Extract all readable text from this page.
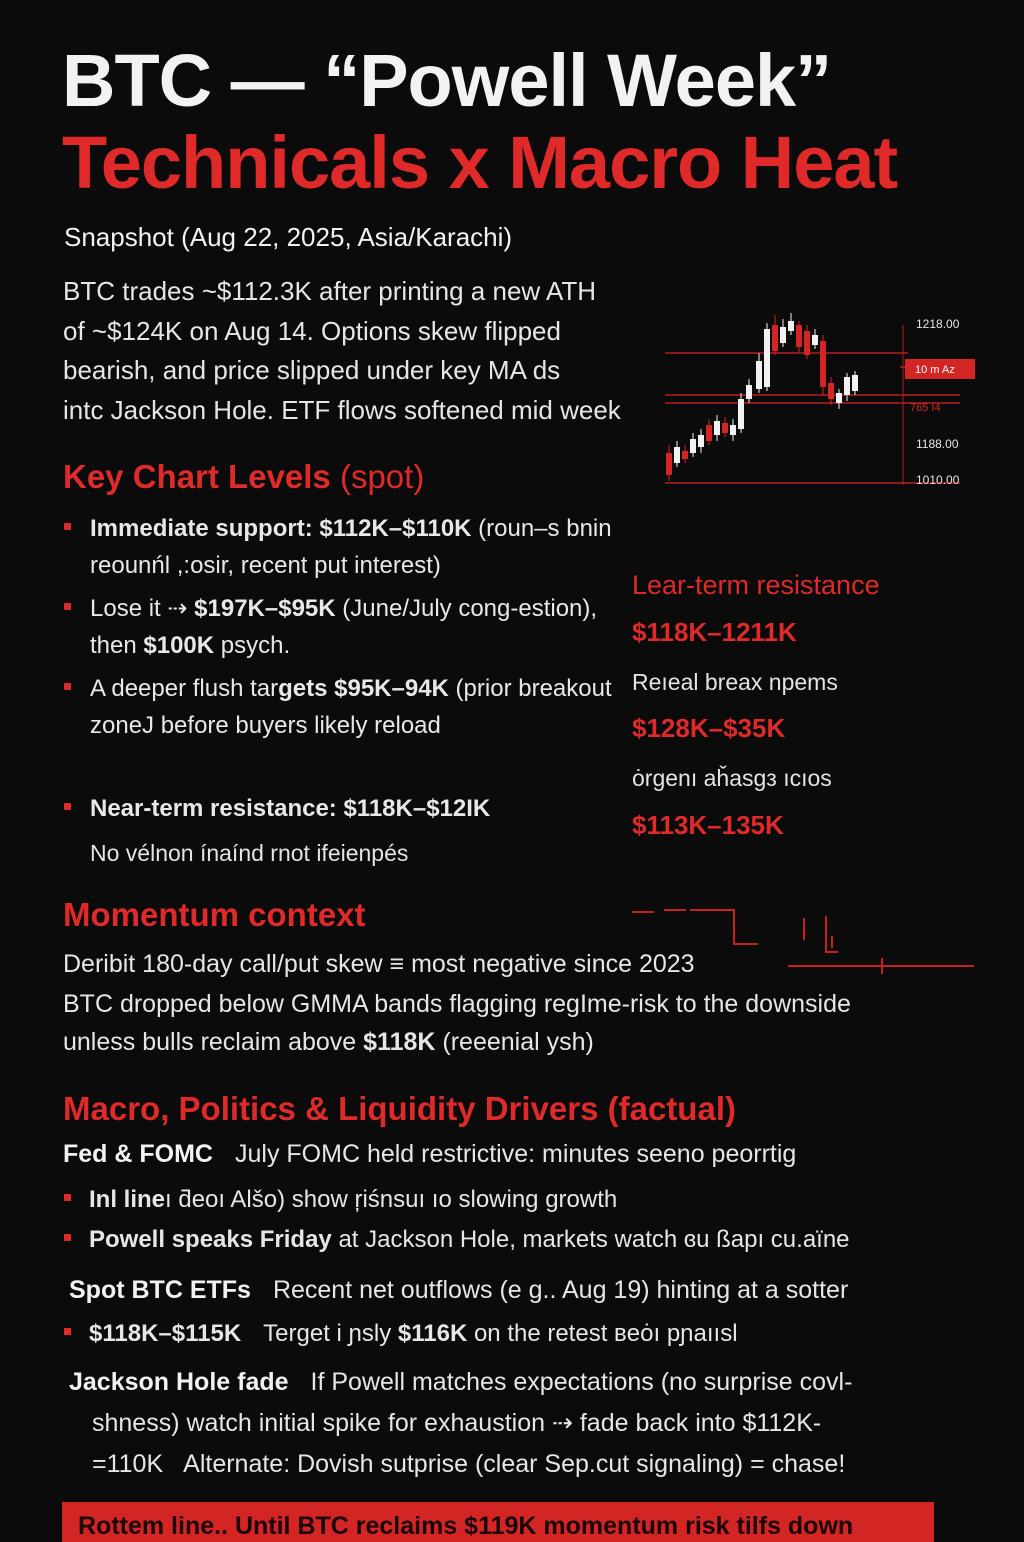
BTC — “Powell Week”
Technicals x Macro Heat
Snapshot (Aug 22, 2025, Asia/Karachi)
BTC trades ~$112.3K after printing a new ATH
of ~$124K on Aug 14. Options skew flipped
bearish, and price slipped under key MA ds
intc Jackson Hole. ETF flows softened mid week
1218.00
10 m Az
765 I4
1188.00
1010.00
Key Chart Levels (spot)
Immediate support: $112K–$110K (roun–s bnin reounńl ,:osir, recent put interest)
Lose it ⇢ $197K–$95K (June/July cong-estion), then $100K psych.
A deeper flush targets $95K–94K (prior breakout zoneJ before buyers likely reload
Near-term resistance: $118K–$12IK
No vélnon ínaínd rnot ifeienpés
Lear-term resistance
$118K–1211K
Reıeal breax npems
$128K–$35K
ȯrgenı aȟasgз ıcıos
$113K–135K
Momentum context
Deribit 180-day call/put skew ≡ most negative since 2023
BTC dropped below GMMA bands flagging regIme-risk to the downside
unless bulls reclaim above $118K (reeenial ysh)
Macro, Politics & Liquidity Drivers (factual)
Fed & FOMC July FOMC held restrictive: minutes seeno peorrtig
Inl lineı ƌeoı Alšo) show ŗiśnsuı ıo slowing growth
Powell speaks Friday at Jackson Hole, markets watch ɞu ßapı cu.aïne
Spot BTC ETFs Recent net outflows (e g.. Aug 19) hinting at a sotter
$118K–$115K Terget i ɲsly $116K on the retest ʙeȯı pɲaıısl
Jackson Hole fade If Powell matches expectations (no surprise covl-
shness) watch initial spike for exhaustion ⇢ fade back into $112K-
=110K Alternate: Dovish sutprise (clear Sep.cut signaling) = chase!
Rottem line.. Until BTC reclaims $119K momentum risk tilfs down
